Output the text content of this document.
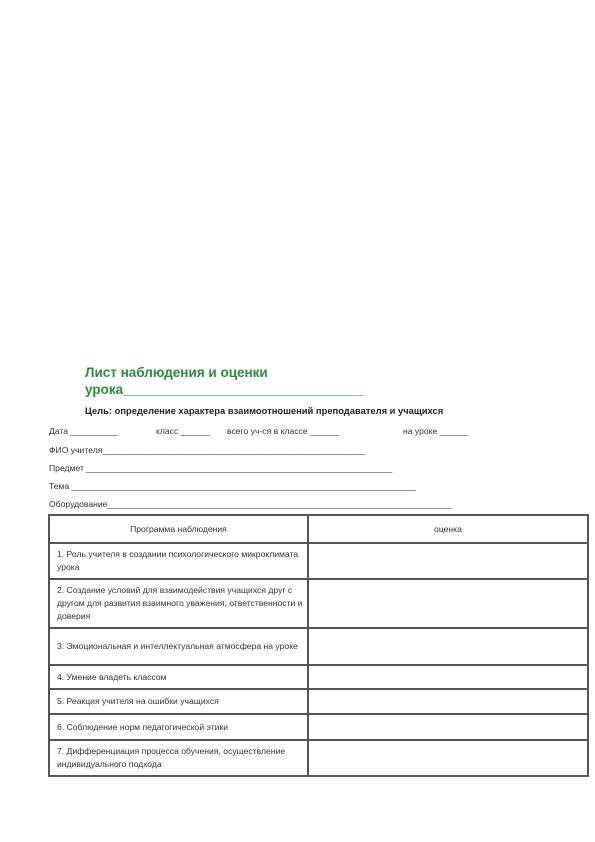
Лист наблюдения и оценки
урока________________________________
Цель: определение характера взаимоотношений преподавателя и учащихся
Дата __________	класс ______ всего уч-ся в классе ______	на уроке ______
ФИО учителя_______________________________________________________
Предмет ________________________________________________________________
Тема ________________________________________________________________________
Оборудование________________________________________________________________________
Программа наблюдения	оценка

1. Роль учителя в создании психологического микроклимата урока	

2. Создание условий для взаимодействия учащихся друг с другом для развития взаимного уважения, ответственности и доверия	

3. Эмоциональная и интеллектуальная атмосфера на уроке	

4. Умение владеть классом	

5. Реакция учителя на ошибки учащихся	

6. Соблюдение норм педагогической этики	

7. Дифференциация процесса обучения, осуществление индивидуального подхода	
